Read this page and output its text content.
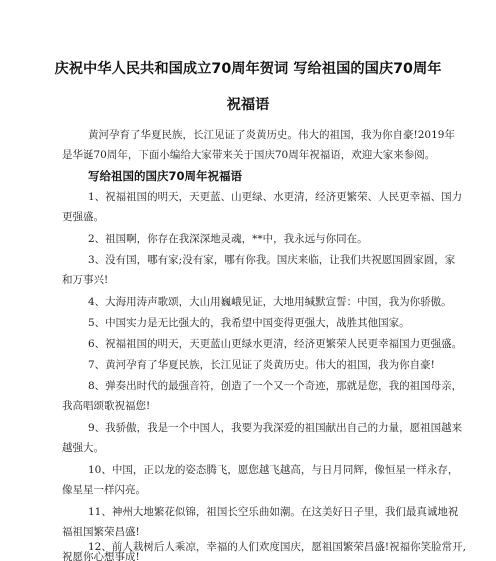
庆祝中华人民共和国成立70周年贺词 写给祖国的国庆70周年
祝福语
黄河孕育了华夏民族，长江见证了炎黄历史。伟大的祖国，我为你自豪!2019年
是华诞70周年，下面小编给大家带来关于国庆70周年祝福语，欢迎大家来参阅。
写给祖国的国庆70周年祝福语
1、祝福祖国的明天，天更蓝、山更绿、水更清，经济更繁荣、人民更幸福、国力
更强盛。
2、祖国啊，你存在我深深地灵魂，**中，我永远与你同在。
3、没有国，哪有家;没有家，哪有你我。国庆来临，让我们共祝愿国圆家圆，家
和万事兴!
4、大海用涛声歌颂，大山用巍峨见证，大地用缄默宣誓：中国，我为你骄傲。
5、中国实力是无比强大的，我希望中国变得更强大，战胜其他国家。
6、祝福祖国的明天，天更蓝山更绿水更清，经济更繁荣人民更幸福国力更强盛。
7、黄河孕育了华夏民族，长江见证了炎黄历史。伟大的祖国，我为你自豪!
8、弹奏出时代的最强音符，创造了一个又一个奇迹，那就是您，我的祖国母亲，
我高唱颂歌祝福您!
9、我骄傲，我是一个中国人，我要为我深爱的祖国献出自己的力量，愿祖国越来
越强大。
10、中国，正以龙的姿态腾飞，愿您越飞越高，与日月同辉，像恒星一样永存，
像星星一样闪亮。
11、神州大地繁花似锦，祖国长空乐曲如潮。在这美好日子里，我们最真诚地祝
福祖国繁荣昌盛!
12、前人栽树后人乘凉，幸福的人们欢度国庆，愿祖国繁荣昌盛!祝福你笑脸常开,
祝愿你心想事成!
